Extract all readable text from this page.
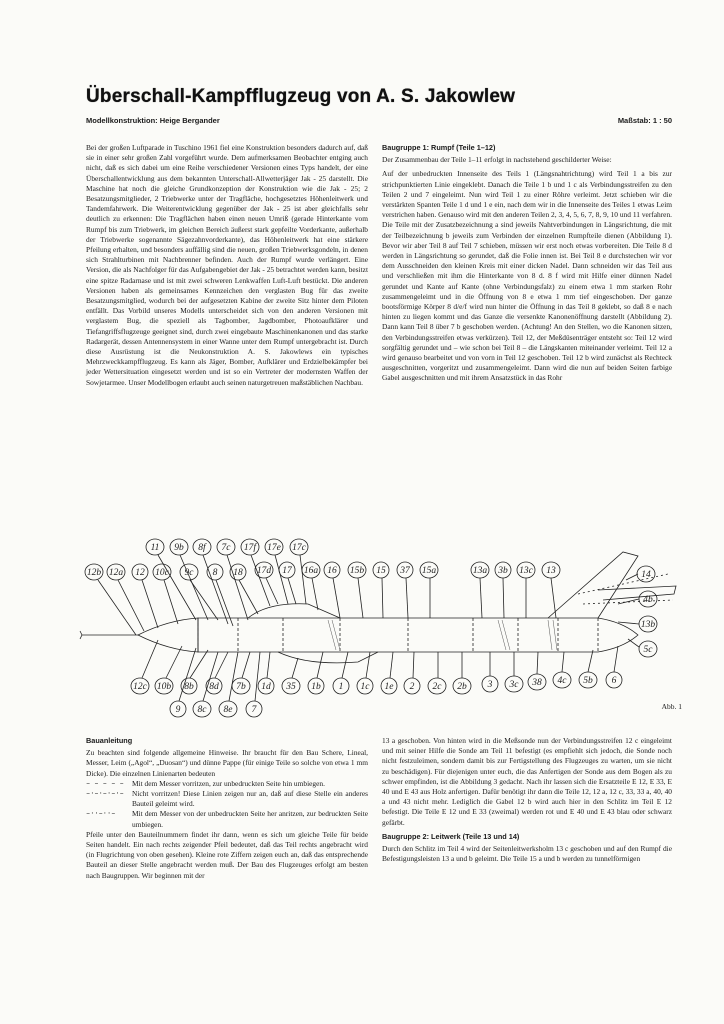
Überschall-Kampfflugzeug von A. S. Jakowlew
Modellkonstruktion: Heige Bergander	Maßstab: 1 : 50

Bei der großen Luftparade in Tuschino 1961 fiel eine Konstruktion besonders dadurch auf, daß sie in einer sehr großen Zahl vorgeführt wurde. Dem aufmerksamen Beobachter entging auch nicht, daß es sich dabei um eine Reihe verschiedener Versionen eines Typs handelt, der eine Überschallentwicklung aus dem bekannten Unterschall-Allwetterjäger Jak - 25 darstellt. Die Maschine hat noch die gleiche Grundkonzeption der Konstruktion wie die Jak - 25; 2 Besatzungsmitglieder, 2 Triebwerke unter der Tragfläche, hochgesetztes Höhenleitwerk und Tandemfahrwerk. Die Weiterentwicklung gegenüber der Jak - 25 ist aber gleichfalls sehr deutlich zu erkennen: Die Tragflächen haben einen neuen Umriß (gerade Hinterkante vom Rumpf bis zum Triebwerk, im gleichen Bereich äußerst stark gepfeilte Vorderkante, außerhalb der Triebwerke sogenannte Sägezahnvorderkante), das Höhenleitwerk hat eine stärkere Pfeilung erhalten, und besonders auffällig sind die neuen, großen Triebwerksgondeln, in denen sich Strahlturbinen mit Nachbrenner befinden. Auch der Rumpf wurde verlängert. Eine Version, die als Nachfolger für das Aufgabengebiet der Jak - 25 betrachtet werden kann, besitzt eine spitze Radarnase und ist mit zwei schweren Lenkwaffen Luft-Luft bestückt. Die anderen Versionen haben als gemeinsames Kennzeichen den verglasten Bug für das zweite Besatzungsmitglied, wodurch bei der aufgesetzten Kabine der zweite Sitz hinter dem Piloten entfällt. Das Vorbild unseres Modells unterscheidet sich von den anderen Versionen mit verglastem Bug, die speziell als Tagbomber, Jagdbomber, Photoaufklärer und Tiefangriffsflugzeuge geeignet sind, durch zwei eingebaute Maschinenkanonen und das starke Radargerät, dessen Antennensystem in einer Wanne unter dem Rumpf untergebracht ist. Durch diese Ausrüstung ist die Neukonstruktion A. S. Jakowlews ein typisches Mehrzweckkampfflugzeug. Es kann als Jäger, Bomber, Aufklärer und Erdzielbekämpfer bei jeder Wettersituation eingesetzt werden und ist so ein Vertreter der modernsten Waffen der Sowjetarmee. Unser Modellbogen erlaubt auch seinen naturgetreuen maßstäblichen Nachbau.

Baugruppe 1: Rumpf (Teile 1–12)

Der Zusammenbau der Teile 1–11 erfolgt in nachstehend geschilderter Weise:

Auf der unbedruckten Innenseite des Teils 1 (Längsnahtrichtung) wird Teil 1 a bis zur strichpunktierten Linie eingeklebt. Danach die Teile 1 b und 1 c als Verbindungsstreifen zu den Teilen 2 und 7 eingeleimt. Nun wird Teil 1 zu einer Röhre verleimt. Jetzt schieben wir die verstärkten Spanten Teile 1 d und 1 e ein, nach dem wir in die Innenseite des Teiles 1 etwas Leim verstrichen haben. Genauso wird mit den anderen Teilen 2, 3, 4, 5, 6, 7, 8, 9, 10 und 11 verfahren. Die Teile mit der Zusatzbezeichnung a sind jeweils Nahtverbindungen in Längsrichtung, die mit der Teilbezeichnung b jeweils zum Verbinden der einzelnen Rumpfteile dienen (Abbildung 1). Bevor wir aber Teil 8 auf Teil 7 schieben, müssen wir erst noch etwas vorbereiten. Die Teile 8 d werden in Längsrichtung so gerundet, daß die Folie innen ist. Bei Teil 8 e durchstechen wir vor dem Ausschneiden den kleinen Kreis mit einer dicken Nadel. Dann schneiden wir das Teil aus und verschließen mit ihm die Hinterkante von 8 d. 8 f wird mit Hilfe einer dünnen Nadel gerundet und Kante auf Kante (ohne Verbindungsfalz) zu einem etwa 1 mm starken Rohr zusammengeleimt und in die Öffnung von 8 e etwa 1 mm tief eingeschoben. Der ganze bootsförmige Körper 8 d/e/f wird nun hinter die Öffnung in das Teil 8 geklebt, so daß 8 e nach hinten zu liegen kommt und das Ganze die versenkte Kanonenöffnung darstellt (Abbildung 2). Dann kann Teil 8 über 7 b geschoben werden. (Achtung! An den Stellen, wo die Kanonen sitzen, den Verbindungsstreifen etwas verkürzen). Teil 12, der Meßdüsenträger entsteht so: Teil 12 wird sorgfältig gerundet und – wie schon bei Teil 8 – die Längskanten miteinander verleimt. Teil 12 a wird genauso bearbeitet und von vorn in Teil 12 geschoben. Teil 12 b wird zunächst als Rechteck ausgeschnitten, vorgeritzt und zusammengeleimt. Dann wird die nun auf beiden Seiten farbige Gabel ausgeschnitten und mit ihrem Ansatzstück in das Rohr

12b 12a 12 10c
11 9b
9c
8f
8
7c
18
17f
17d
17e
17
17c
16a 16 15b 15 37 15a	13a 3b 13c 13	14
4b
13b
5c
12c 10b
9
8b
8c
8d
8e
7b
7
1d 35 1b 1 1c 1e 2 2c 2b 3 3c 38 4c 5b 6
Abb. 1

Bauanleitung

Zu beachten sind folgende allgemeine Hinweise. Ihr braucht für den Bau Schere, Lineal, Messer, Leim („Agol“, „Duosan“) und dünne Pappe (für einige Teile so solche von etwa 1 mm Dicke). Die einzelnen Linienarten bedeuten

– – – – –	Mit dem Messer vorritzen, zur unbedruckten Seite hin umbiegen.
–·–·–·–·–	Nicht vorritzen! Diese Linien zeigen nur an, daß auf diese Stelle ein anderes Bauteil geleimt wird.
–··–··–	Mit dem Messer von der unbedruckten Seite her anritzen, zur bedruckten Seite umbiegen.

Pfeile unter den Bauteilnummern findet ihr dann, wenn es sich um gleiche Teile für beide Seiten handelt. Ein nach rechts zeigender Pfeil bedeutet, daß das Teil rechts angebracht wird (in Flugrichtung von oben gesehen). Kleine rote Ziffern zeigen euch an, daß das entsprechende Bauteil an dieser Stelle angebracht werden muß. Der Bau des Flugzeuges erfolgt am besten nach Baugruppen. Wir beginnen mit der

13 a geschoben. Von hinten wird in die Meßsonde nun der Verbindungsstreifen 12 c eingeleimt und mit seiner Hilfe die Sonde am Teil 11 befestigt (es empfiehlt sich jedoch, die Sonde noch nicht festzuleimen, sondern damit bis zur Fertigstellung des Flugzeuges zu warten, um sie nicht zu beschädigen). Für diejenigen unter euch, die das Anfertigen der Sonde aus dem Bogen als zu schwer empfinden, ist die Abbildung 3 gedacht. Nach ihr lassen sich die Ersatzteile E 12, E 33, E 40 und E 43 aus Holz anfertigen. Dafür benötigt ihr dann die Teile 12, 12 a, 12 c, 33, 33 a, 40, 40 a und 43 nicht mehr. Lediglich die Gabel 12 b wird auch hier in den Schlitz im Teil E 12 befestigt. Die Teile E 12 und E 33 (zweimal) werden rot und E 40 und E 43 blau oder schwarz gefärbt.

Baugruppe 2: Leitwerk (Teile 13 und 14)

Durch den Schlitz im Teil 4 wird der Seitenleitwerksholm 13 c geschoben und auf den Rumpf die Befestigungsleisten 13 a und b geleimt. Die Teile 15 a und b werden zu tunnelförmigen
